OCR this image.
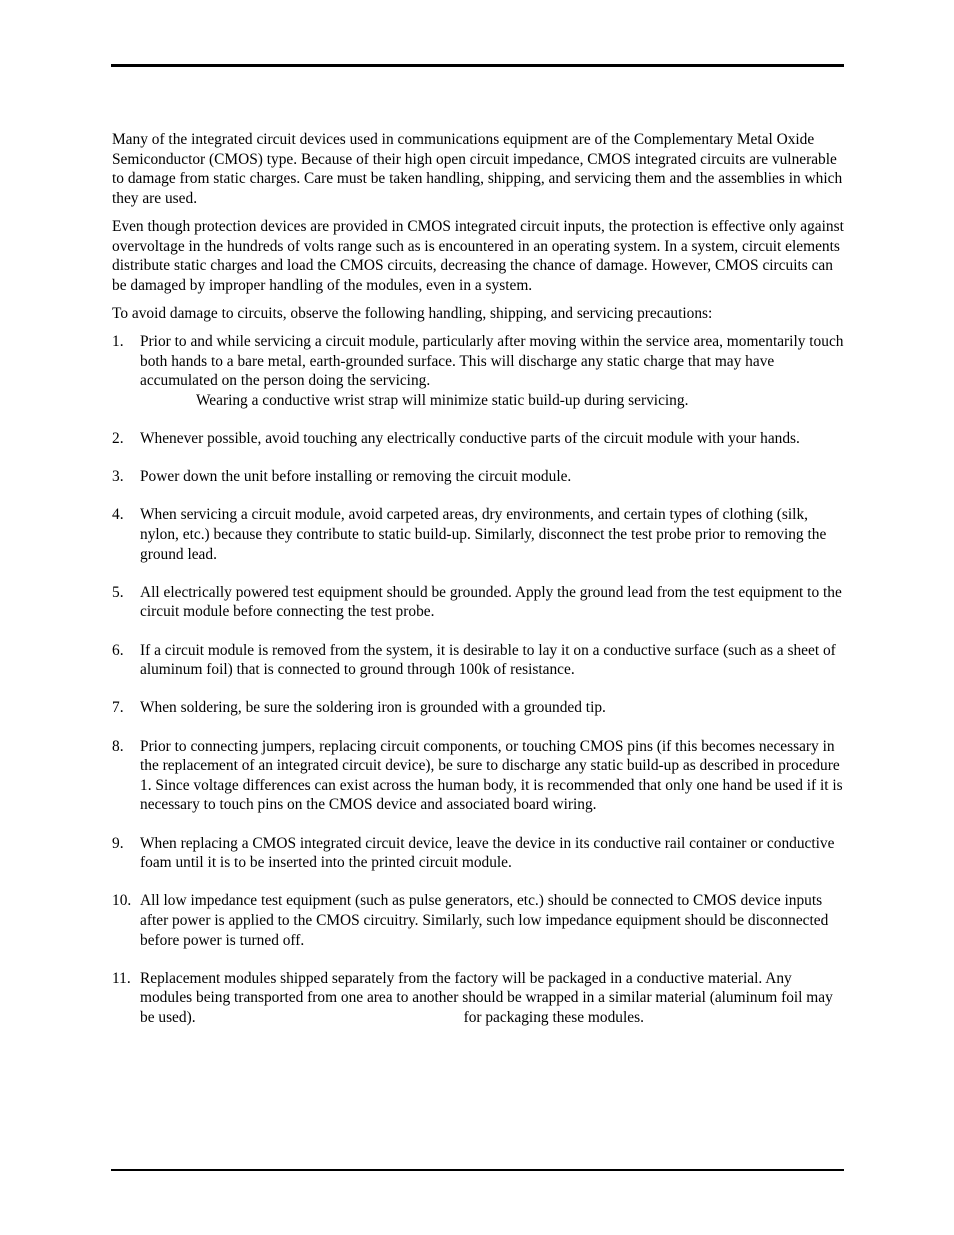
Many of the integrated circuit devices used in communications equipment are of the Complementary Metal Oxide Semiconductor (CMOS) type. Because of their high open circuit impedance, CMOS integrated circuits are vulnerable to damage from static charges. Care must be taken handling, shipping, and servicing them and the assemblies in which they are used.

Even though protection devices are provided in CMOS integrated circuit inputs, the protection is effective only against overvoltage in the hundreds of volts range such as is encountered in an operating system. In a system, circuit elements distribute static charges and load the CMOS circuits, decreasing the chance of damage. However, CMOS circuits can be damaged by improper handling of the modules, even in a system.

To avoid damage to circuits, observe the following handling, shipping, and servicing precautions:

1. Prior to and while servicing a circuit module, particularly after moving within the service area, momentarily touch both hands to a bare metal, earth-grounded surface. This will discharge any static charge that may have accumulated on the person doing the servicing.
Wearing a conductive wrist strap will minimize static build-up during servicing.
2. Whenever possible, avoid touching any electrically conductive parts of the circuit module with your hands.
3. Power down the unit before installing or removing the circuit module.
4. When servicing a circuit module, avoid carpeted areas, dry environments, and certain types of clothing (silk, nylon, etc.) because they contribute to static build-up. Similarly, disconnect the test probe prior to removing the ground lead.
5. All electrically powered test equipment should be grounded. Apply the ground lead from the test equipment to the circuit module before connecting the test probe.
6. If a circuit module is removed from the system, it is desirable to lay it on a conductive surface (such as a sheet of aluminum foil) that is connected to ground through 100k of resistance.
7. When soldering, be sure the soldering iron is grounded with a grounded tip.
8. Prior to connecting jumpers, replacing circuit components, or touching CMOS pins (if this becomes necessary in the replacement of an integrated circuit device), be sure to discharge any static build-up as described in procedure 1. Since voltage differences can exist across the human body, it is recommended that only one hand be used if it is necessary to touch pins on the CMOS device and associated board wiring.
9. When replacing a CMOS integrated circuit device, leave the device in its conductive rail container or conductive foam until it is to be inserted into the printed circuit module.
10. All low impedance test equipment (such as pulse generators, etc.) should be connected to CMOS device inputs after power is applied to the CMOS circuitry. Similarly, such low impedance equipment should be disconnected before power is turned off.
11. Replacement modules shipped separately from the factory will be packaged in a conductive material. Any modules being transported from one area to another should be wrapped in a similar material (aluminum foil may be used).	for packaging these modules.
